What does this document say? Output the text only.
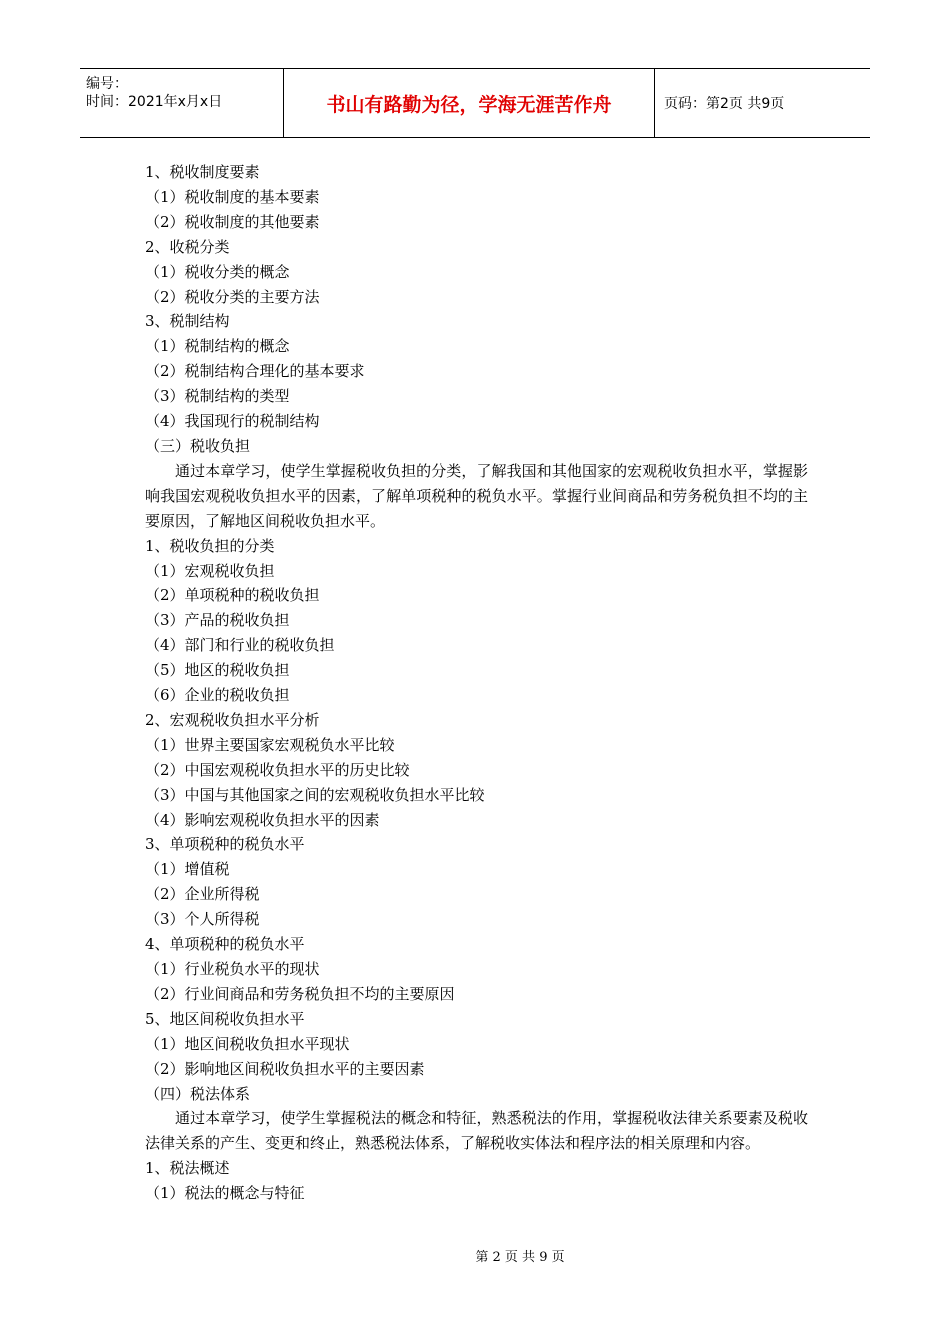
编号：
时间：2021年x月x日	书山有路勤为径，学海无涯苦作舟	页码：第2页 共9页
1、税收制度要素
（1）税收制度的基本要素
（2）税收制度的其他要素
2、收税分类
（1）税收分类的概念
（2）税收分类的主要方法
3、税制结构
（1）税制结构的概念
（2）税制结构合理化的基本要求
（3）税制结构的类型
（4）我国现行的税制结构
（三）税收负担
通过本章学习，使学生掌握税收负担的分类，了解我国和其他国家的宏观税收负担水平，掌握影响我国宏观税收负担水平的因素，了解单项税种的税负水平。掌握行业间商品和劳务税负担不均的主要原因，了解地区间税收负担水平。
1、税收负担的分类
（1）宏观税收负担
（2）单项税种的税收负担
（3）产品的税收负担
（4）部门和行业的税收负担
（5）地区的税收负担
（6）企业的税收负担
2、宏观税收负担水平分析
（1）世界主要国家宏观税负水平比较
（2）中国宏观税收负担水平的历史比较
（3）中国与其他国家之间的宏观税收负担水平比较
（4）影响宏观税收负担水平的因素
3、单项税种的税负水平
（1）增值税
（2）企业所得税
（3）个人所得税
4、单项税种的税负水平
（1）行业税负水平的现状
（2）行业间商品和劳务税负担不均的主要原因
5、地区间税收负担水平
（1）地区间税收负担水平现状
（2）影响地区间税收负担水平的主要因素
（四）税法体系
通过本章学习，使学生掌握税法的概念和特征，熟悉税法的作用，掌握税收法律关系要素及税收法律关系的产生、变更和终止，熟悉税法体系，了解税收实体法和程序法的相关原理和内容。
1、税法概述
（1）税法的概念与特征
第 2 页 共 9 页
